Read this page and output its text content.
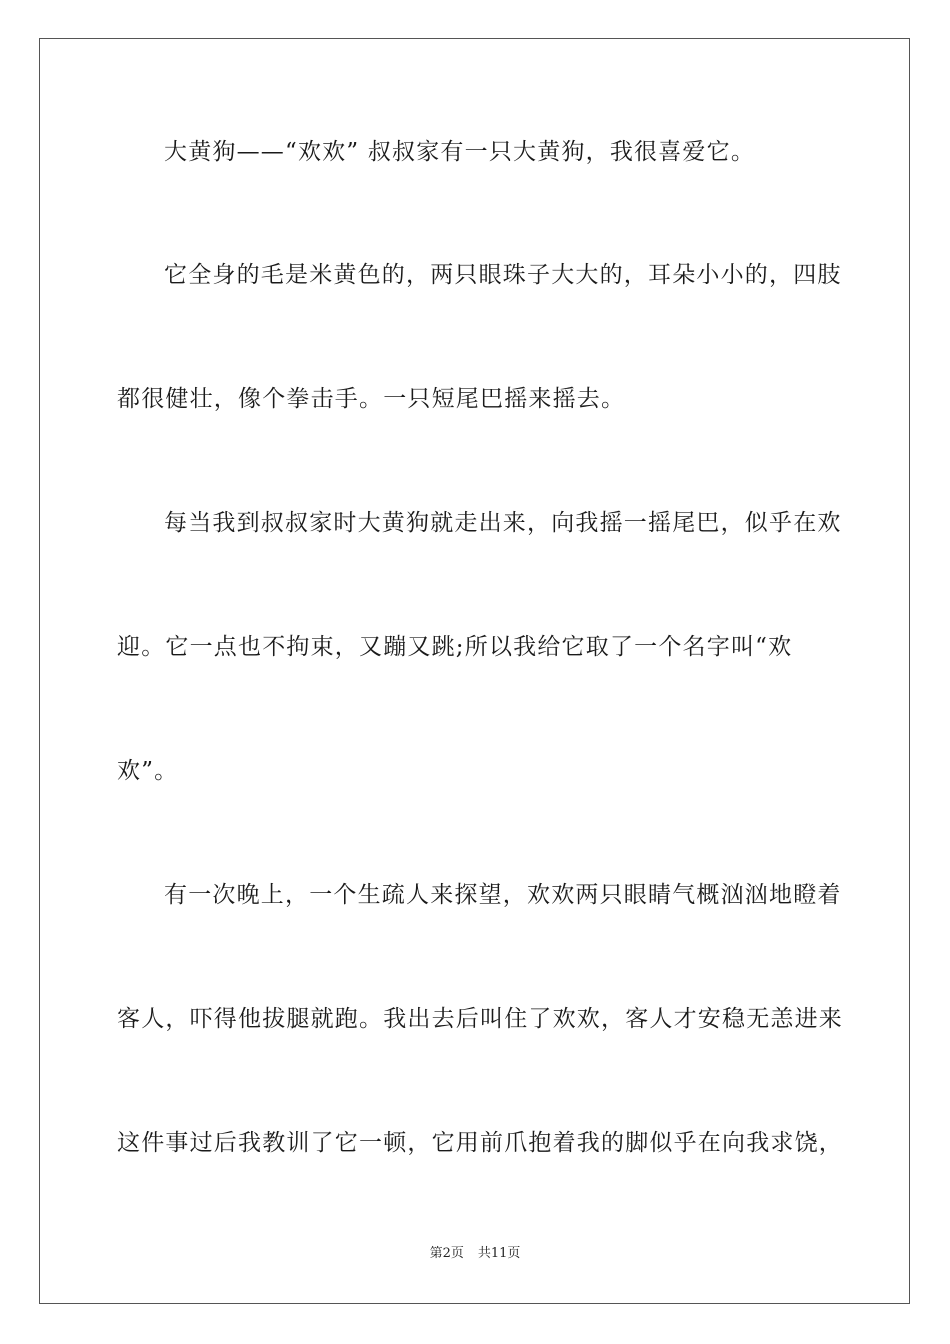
大黄狗——“欢欢” 叔叔家有一只大黄狗，我很喜爱它。
它全身的毛是米黄色的，两只眼珠子大大的，耳朵小小的，四肢
都很健壮，像个拳击手。一只短尾巴摇来摇去。
每当我到叔叔家时大黄狗就走出来，向我摇一摇尾巴，似乎在欢
迎。它一点也不拘束，又蹦又跳;所以我给它取了一个名字叫“欢
欢”。
有一次晚上，一个生疏人来探望，欢欢两只眼睛气概汹汹地瞪着
客人，吓得他拔腿就跑。我出去后叫住了欢欢，客人才安稳无恙进来
这件事过后我教训了它一顿，它用前爪抱着我的脚似乎在向我求饶，
第2页 共11页
